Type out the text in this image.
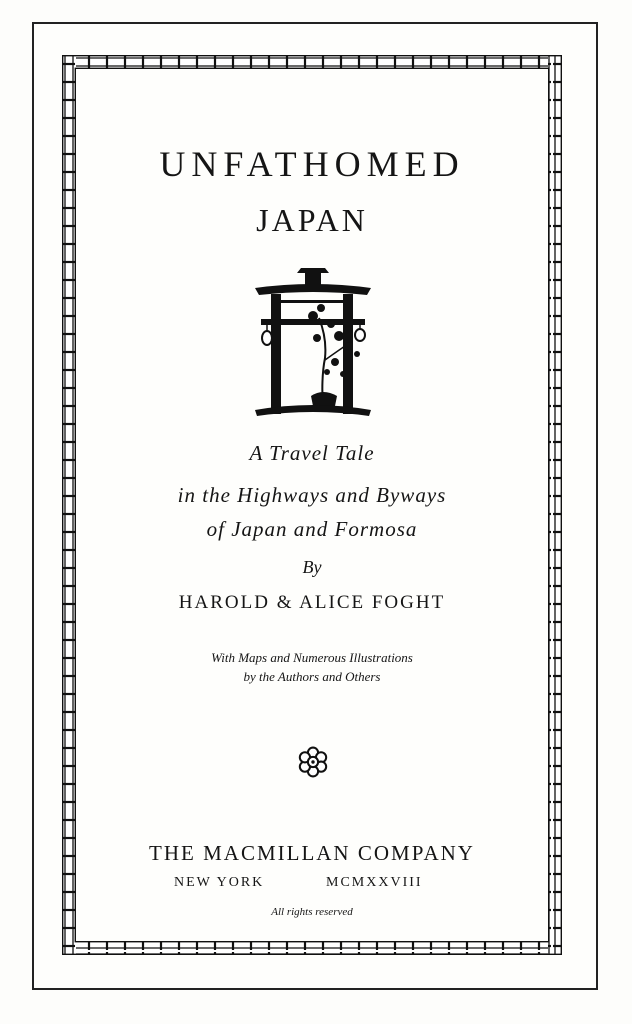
UNFATHOMED
JAPAN
A Travel Tale
in the Highways and Byways
of Japan and Formosa
By
HAROLD & ALICE FOGHT
With Maps and Numerous Illustrations
by the Authors and Others
THE MACMILLAN COMPANY
NEW YORK	MCMXXVIII
All rights reserved
